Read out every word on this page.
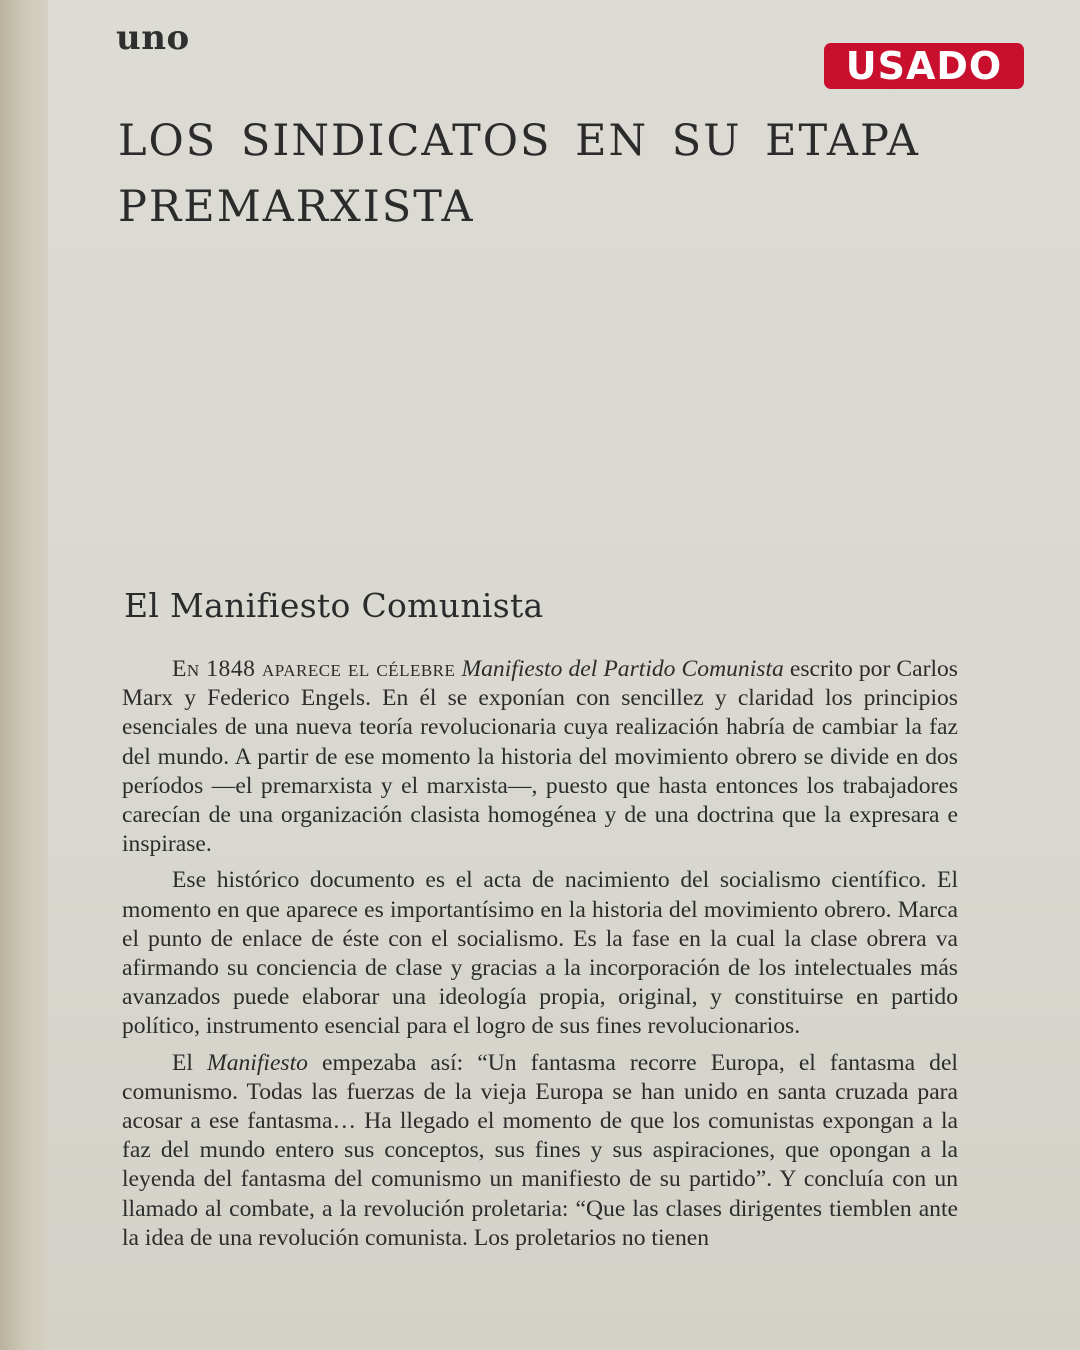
uno
USADO
LOS SINDICATOS EN SU ETAPA
PREMARXISTA
El Manifiesto Comunista

En 1848 aparece el célebre Manifiesto del Partido Comunista escrito por Carlos Marx y Federico Engels. En él se exponían con sencillez y claridad los principios esenciales de una nueva teoría revolucionaria cuya realización habría de cambiar la faz del mundo. A partir de ese momento la historia del movimiento obrero se divide en dos períodos —el premarxista y el marxista—, puesto que hasta entonces los trabajadores carecían de una organización clasista homogénea y de una doctrina que la expresara e inspirase.

Ese histórico documento es el acta de nacimiento del socialismo científico. El momento en que aparece es importantísimo en la historia del movimiento obrero. Marca el punto de enlace de éste con el socialismo. Es la fase en la cual la clase obrera va afirmando su conciencia de clase y gracias a la incorporación de los intelectuales más avanzados puede elaborar una ideología propia, original, y constituirse en partido político, instrumento esencial para el logro de sus fines revolucionarios.

El Manifiesto empezaba así: “Un fantasma recorre Europa, el fantasma del comunismo. Todas las fuerzas de la vieja Europa se han unido en santa cruzada para acosar a ese fantasma… Ha llegado el momento de que los comunistas expongan a la faz del mundo entero sus conceptos, sus fines y sus aspiraciones, que opongan a la leyenda del fantasma del comunismo un manifiesto de su partido”. Y concluía con un llamado al combate, a la revolución proletaria: “Que las clases dirigentes tiemblen ante la idea de una revolución comunista. Los proletarios no tienen
